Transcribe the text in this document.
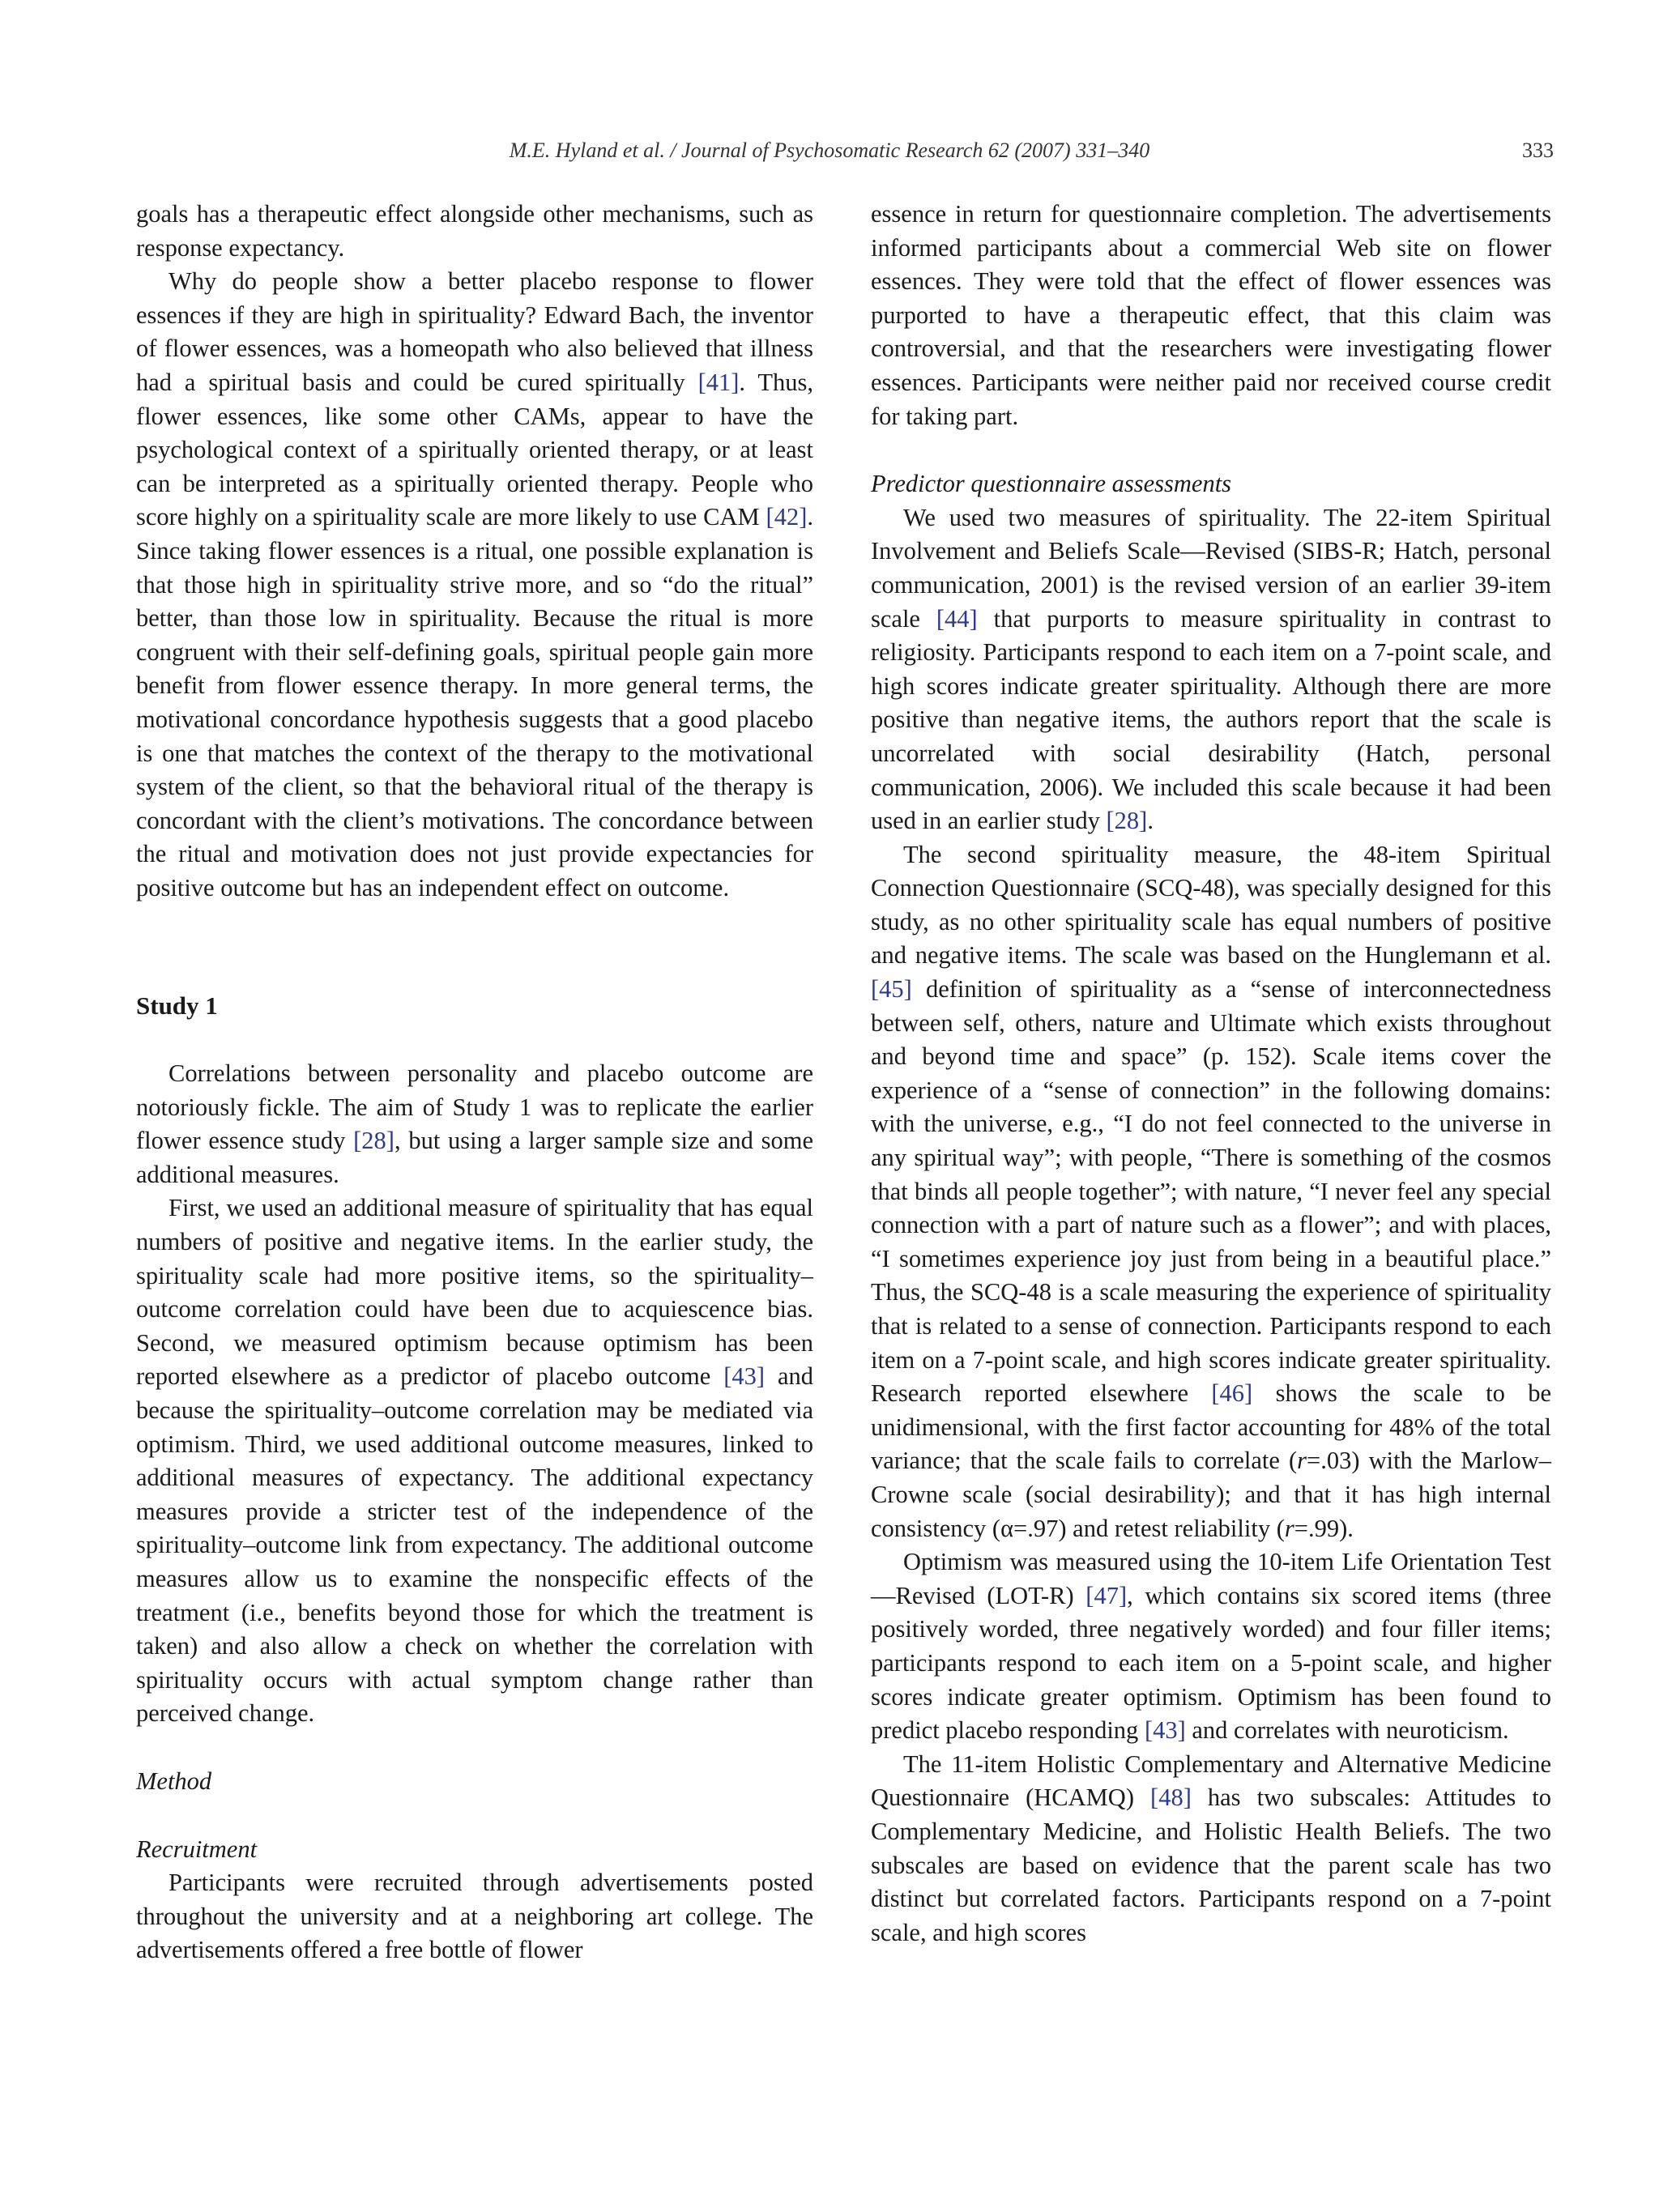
M.E. Hyland et al. / Journal of Psychosomatic Research 62 (2007) 331–340	333

goals has a therapeutic effect alongside other mechanisms, such as response expectancy.

Why do people show a better placebo response to flower essences if they are high in spirituality? Edward Bach, the inventor of flower essences, was a homeopath who also believed that illness had a spiritual basis and could be cured spiritually [41]. Thus, flower essences, like some other CAMs, appear to have the psychological context of a spiritually oriented therapy, or at least can be interpreted as a spiritually oriented therapy. People who score highly on a spirituality scale are more likely to use CAM [42]. Since taking flower essences is a ritual, one possible explanation is that those high in spirituality strive more, and so “do the ritual” better, than those low in spirituality. Because the ritual is more congruent with their self-defining goals, spiritual people gain more benefit from flower essence therapy. In more general terms, the motivational concordance hypothesis suggests that a good placebo is one that matches the context of the therapy to the motivational system of the client, so that the behavioral ritual of the therapy is concordant with the client’s motivations. The concordance between the ritual and motivation does not just provide expectancies for positive outcome but has an independent effect on outcome.

Study 1

Correlations between personality and placebo outcome are notoriously fickle. The aim of Study 1 was to replicate the earlier flower essence study [28], but using a larger sample size and some additional measures.

First, we used an additional measure of spirituality that has equal numbers of positive and negative items. In the earlier study, the spirituality scale had more positive items, so the spirituality–outcome correlation could have been due to acquiescence bias. Second, we measured optimism because optimism has been reported elsewhere as a predictor of placebo outcome [43] and because the spirituality–outcome correlation may be mediated via optimism. Third, we used additional outcome measures, linked to additional measures of expectancy. The additional expectancy measures provide a stricter test of the independence of the spirituality–outcome link from expectancy. The additional outcome measures allow us to examine the nonspecific effects of the treatment (i.e., benefits beyond those for which the treatment is taken) and also allow a check on whether the correlation with spirituality occurs with actual symptom change rather than perceived change.

Method
Recruitment

Participants were recruited through advertisements posted throughout the university and at a neighboring art college. The advertisements offered a free bottle of flower

essence in return for questionnaire completion. The advertisements informed participants about a commercial Web site on flower essences. They were told that the effect of flower essences was purported to have a therapeutic effect, that this claim was controversial, and that the researchers were investigating flower essences. Participants were neither paid nor received course credit for taking part.

Predictor questionnaire assessments

We used two measures of spirituality. The 22-item Spiritual Involvement and Beliefs Scale—Revised (SIBS-R; Hatch, personal communication, 2001) is the revised version of an earlier 39-item scale [44] that purports to measure spirituality in contrast to religiosity. Participants respond to each item on a 7-point scale, and high scores indicate greater spirituality. Although there are more positive than negative items, the authors report that the scale is uncorrelated with social desirability (Hatch, personal communication, 2006). We included this scale because it had been used in an earlier study [28].

The second spirituality measure, the 48-item Spiritual Connection Questionnaire (SCQ-48), was specially designed for this study, as no other spirituality scale has equal numbers of positive and negative items. The scale was based on the Hunglemann et al. [45] definition of spirituality as a “sense of interconnectedness between self, others, nature and Ultimate which exists throughout and beyond time and space” (p. 152). Scale items cover the experience of a “sense of connection” in the following domains: with the universe, e.g., “I do not feel connected to the universe in any spiritual way”; with people, “There is something of the cosmos that binds all people together”; with nature, “I never feel any special connection with a part of nature such as a flower”; and with places, “I sometimes experience joy just from being in a beautiful place.” Thus, the SCQ-48 is a scale measuring the experience of spirituality that is related to a sense of connection. Participants respond to each item on a 7-point scale, and high scores indicate greater spirituality. Research reported elsewhere [46] shows the scale to be unidimensional, with the first factor accounting for 48% of the total variance; that the scale fails to correlate (r=.03) with the Marlow–Crowne scale (social desirability); and that it has high internal consistency (α=.97) and retest reliability (r=.99).

Optimism was measured using the 10-item Life Orientation Test—Revised (LOT-R) [47], which contains six scored items (three positively worded, three negatively worded) and four filler items; participants respond to each item on a 5-point scale, and higher scores indicate greater optimism. Optimism has been found to predict placebo responding [43] and correlates with neuroticism.

The 11-item Holistic Complementary and Alternative Medicine Questionnaire (HCAMQ) [48] has two subscales: Attitudes to Complementary Medicine, and Holistic Health Beliefs. The two subscales are based on evidence that the parent scale has two distinct but correlated factors. Participants respond on a 7-point scale, and high scores
